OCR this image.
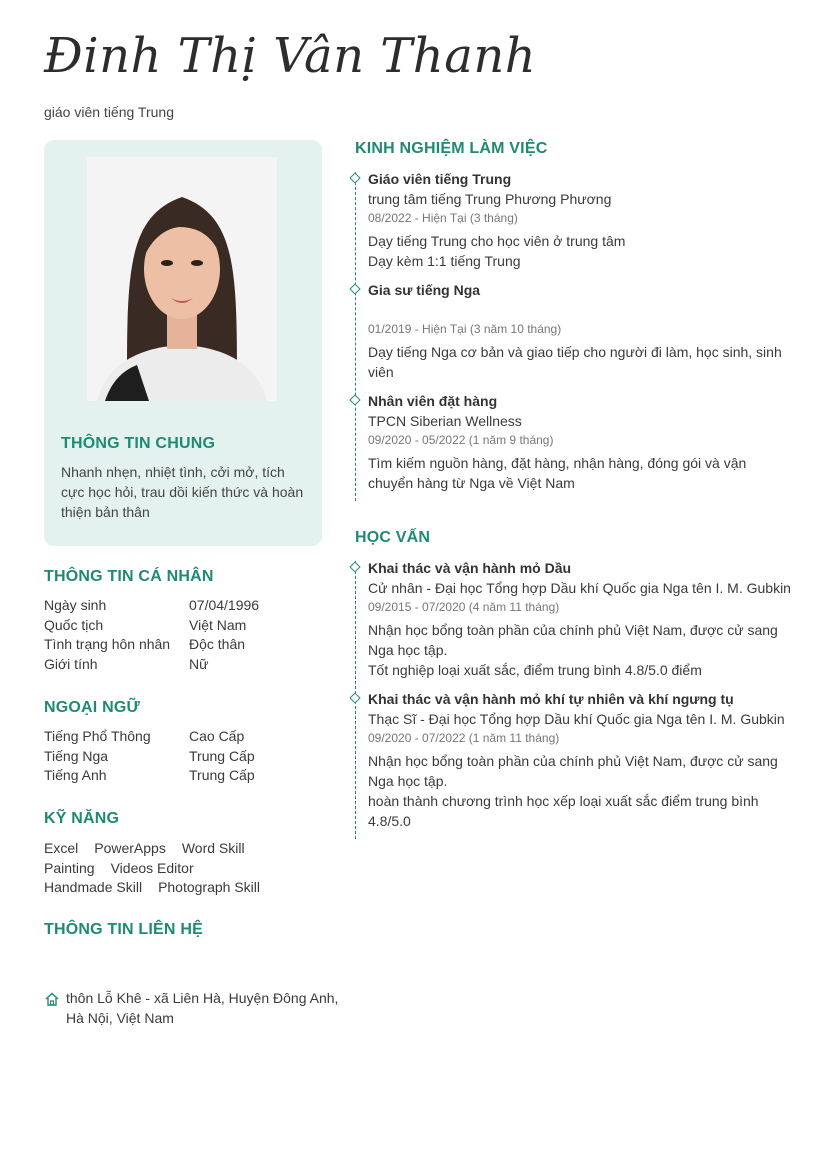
Đinh Thị Vân Thanh
giáo viên tiếng Trung
THÔNG TIN CHUNG
Nhanh nhẹn, nhiệt tình, cởi mở, tích cực học hỏi, trau dồi kiến thức và hoàn thiện bản thân
THÔNG TIN CÁ NHÂN
Ngày sinh	07/04/1996
Quốc tịch	Việt Nam
Tình trạng hôn nhân	Độc thân
Giới tính	Nữ
NGOẠI NGỮ
Tiếng Phổ Thông	Cao Cấp
Tiếng Nga	Trung Cấp
Tiếng Anh	Trung Cấp
KỸ NĂNG
Excel PowerApps Word Skill
Painting Videos Editor
Handmade Skill Photograph Skill
THÔNG TIN LIÊN HỆ
thôn Lỗ Khê - xã Liên Hà, Huyện Đông Anh,
Hà Nội, Việt Nam
KINH NGHIỆM LÀM VIỆC
Giáo viên tiếng Trung
trung tâm tiếng Trung Phương Phương
08/2022 - Hiện Tại (3 tháng)
Dạy tiếng Trung cho học viên ở trung tâm
Dạy kèm 1:1 tiếng Trung
Gia sư tiếng Nga
01/2019 - Hiện Tại (3 năm 10 tháng)
Dạy tiếng Nga cơ bản và giao tiếp cho người đi làm, học sinh, sinh viên
Nhân viên đặt hàng
TPCN Siberian Wellness
09/2020 - 05/2022 (1 năm 9 tháng)
Tìm kiếm nguồn hàng, đặt hàng, nhận hàng, đóng gói và vận chuyển hàng từ Nga về Việt Nam
HỌC VẤN
Khai thác và vận hành mỏ Dầu
Cử nhân - Đại học Tổng hợp Dầu khí Quốc gia Nga tên I. M. Gubkin
09/2015 - 07/2020 (4 năm 11 tháng)
Nhận học bổng toàn phần của chính phủ Việt Nam, được cử sang Nga học tập.
Tốt nghiệp loại xuất sắc, điểm trung bình 4.8/5.0 điểm
Khai thác và vận hành mỏ khí tự nhiên và khí ngưng tụ
Thạc Sĩ - Đại học Tổng hợp Dầu khí Quốc gia Nga tên I. M. Gubkin
09/2020 - 07/2022 (1 năm 11 tháng)
Nhận học bổng toàn phần của chính phủ Việt Nam, được cử sang Nga học tập.
hoàn thành chương trình học xếp loại xuất sắc điểm trung bình 4.8/5.0
